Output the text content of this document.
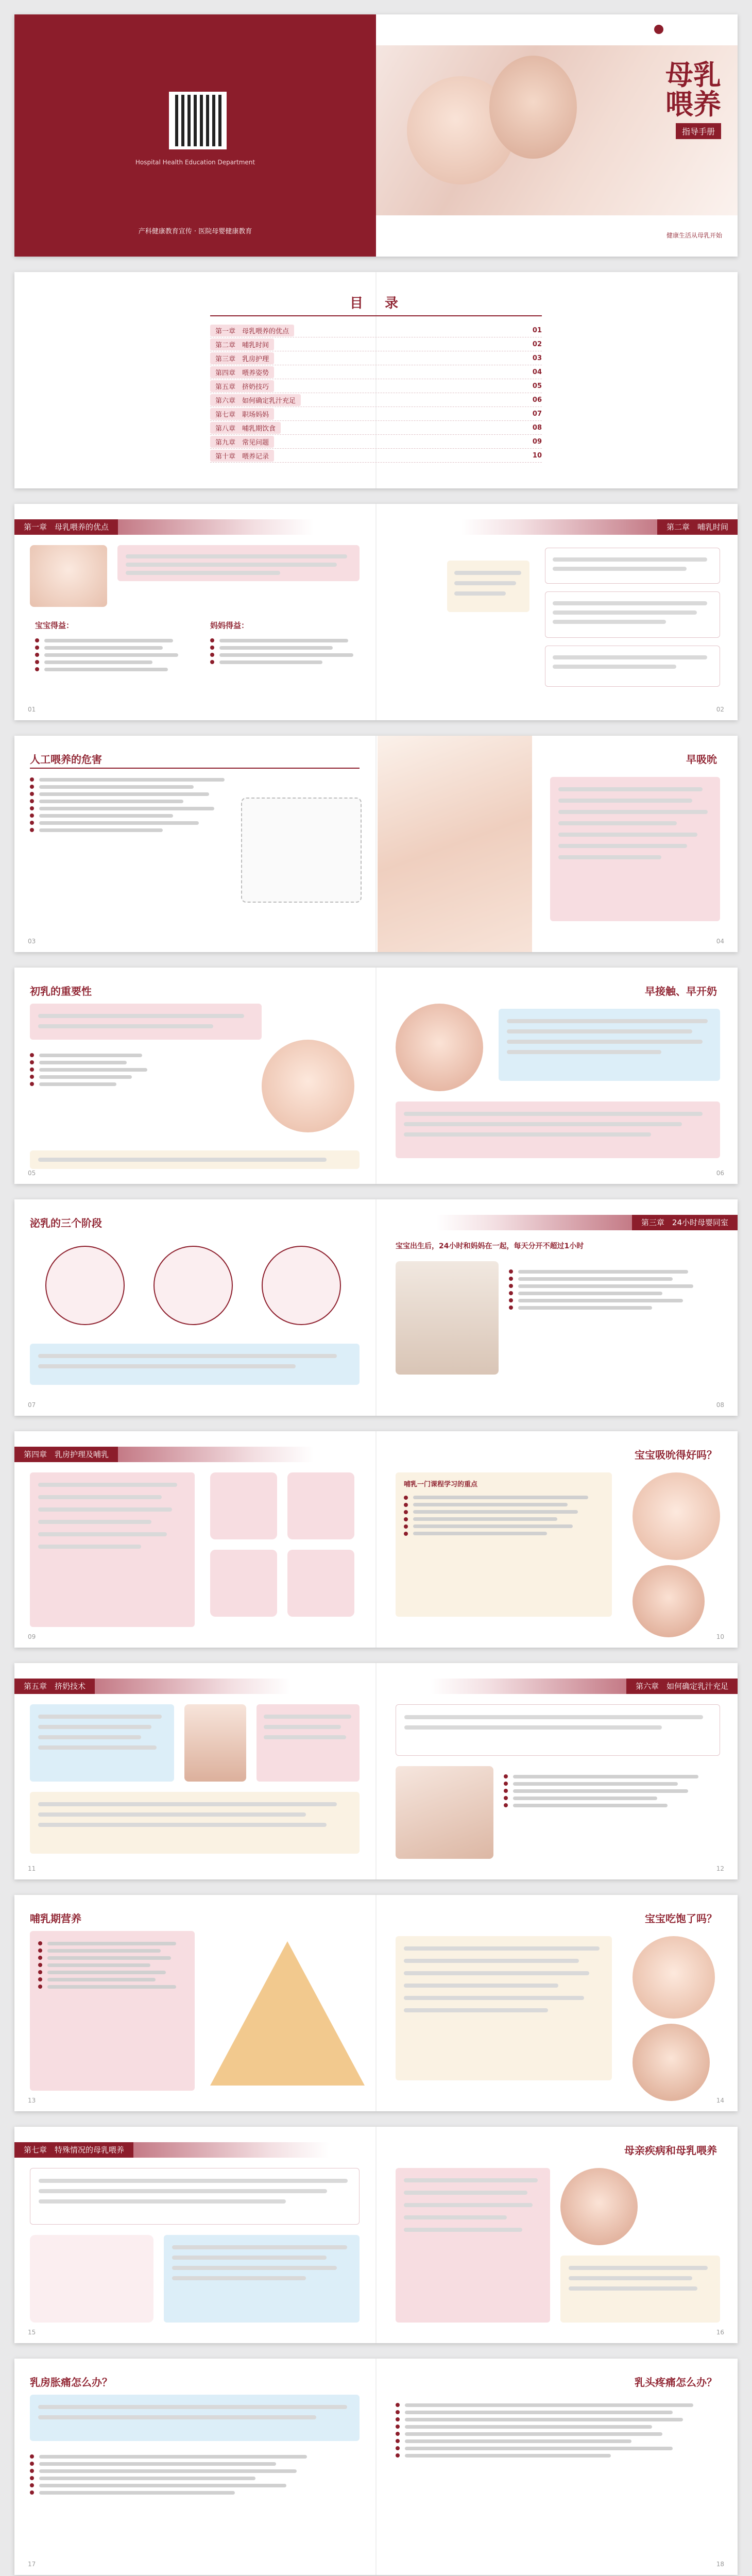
Hospital Health Education Department
产科健康教育宣传 · 医院母婴健康教育
母乳
喂养
指导手册
健康生活从母乳开始
目　录
第一章　母乳喂养的优点	01
第二章　哺乳时间	02
第三章　乳房护理	03
第四章　喂养姿势	04
第五章　挤奶技巧	05
第六章　如何确定乳汁充足	06
第七章　职场妈妈	07
第八章　哺乳期饮食	08
第九章　常见问题	09
第十章　喂养记录	10
第一章　母乳喂养的优点
宝宝得益：	妈妈得益：
01
第二章　哺乳时间
02
人工喂养的危害
03
早吸吮
04
初乳的重要性
05
早接触、早开奶
06
泌乳的三个阶段
07
第三章　24小时母婴同室
宝宝出生后，24小时和妈妈在一起，每天分开不超过1小时
08
第四章　乳房护理及哺乳
09
宝宝吸吮得好吗？
哺乳一门课程学习的重点
10
第五章　挤奶技术
11
第六章　如何确定乳汁充足
12
哺乳期营养
13
宝宝吃饱了吗？
14
第七章　特殊情况的母乳喂养
15
母亲疾病和母乳喂养
16
乳房胀痛怎么办？
17
乳头疼痛怎么办？
18
